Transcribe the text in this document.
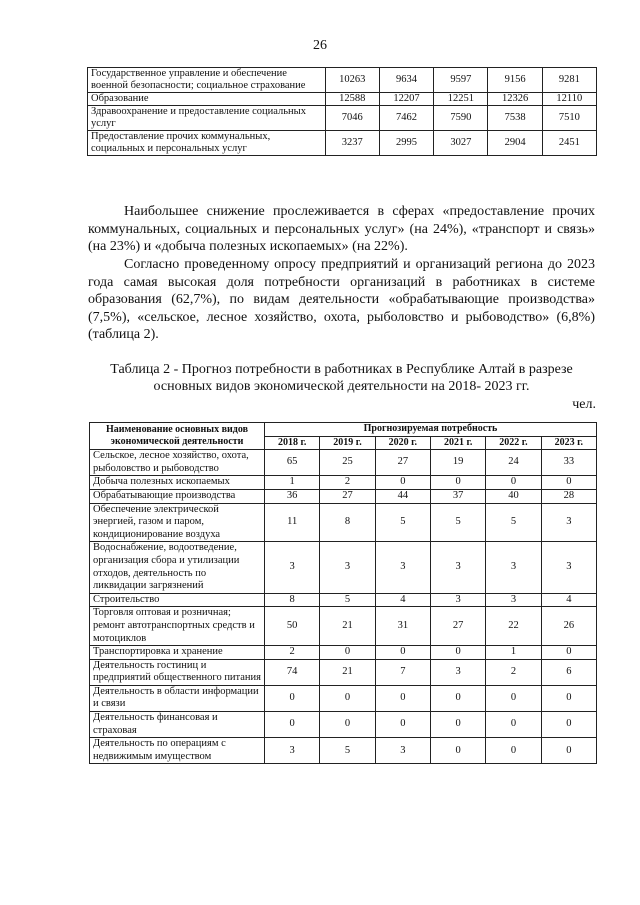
26
Государственное управление и обеспечение военной безопасности; социальное страхование	10263	9634	9597	9156	9281
Образование	12588	12207	12251	12326	12110
Здравоохранение и предоставление социальных услуг	7046	7462	7590	7538	7510
Предоставление прочих коммунальных, социальных и персональных услуг	3237	2995	3027	2904	2451

Наибольшее снижение прослеживается в сферах «предоставление прочих коммунальных, социальных и персональных услуг» (на 24%), «транспорт и связь» (на 23%) и «добыча полезных ископаемых» (на 22%).

Согласно проведенному опросу предприятий и организаций региона до 2023 года самая высокая доля потребности организаций в работниках в системе образования (62,7%), по видам деятельности «обрабатывающие производства» (7,5%), «сельское, лесное хозяйство, охота, рыболовство и рыбоводство» (6,8%) (таблица 2).

Таблица 2 - Прогноз потребности в работниках в Республике Алтай в разрезе основных видов экономической деятельности на 2018- 2023 гг.

чел.
Наименование основных видов экономической деятельности	Прогнозируемая потребность					
	2018 г.	2019 г.	2020 г.	2021 г.	2022 г.	2023 г.
Сельское, лесное хозяйство, охота, рыболовство и рыбоводство	65	25	27	19	24	33
Добыча полезных ископаемых	1	2	0	0	0	0
Обрабатывающие производства	36	27	44	37	40	28
Обеспечение электрической энергией, газом и паром, кондиционирование воздуха	11	8	5	5	5	3
Водоснабжение, водоотведение, организация сбора и утилизации отходов, деятельность по ликвидации загрязнений	3	3	3	3	3	3
Строительство	8	5	4	3	3	4
Торговля оптовая и розничная; ремонт автотранспортных средств и мотоциклов	50	21	31	27	22	26
Транспортировка и хранение	2	0	0	0	1	0
Деятельность гостиниц и предприятий общественного питания	74	21	7	3	2	6
Деятельность в области информации и связи	0	0	0	0	0	0
Деятельность финансовая и страховая	0	0	0	0	0	0
Деятельность по операциям с недвижимым имуществом	3	5	3	0	0	0
